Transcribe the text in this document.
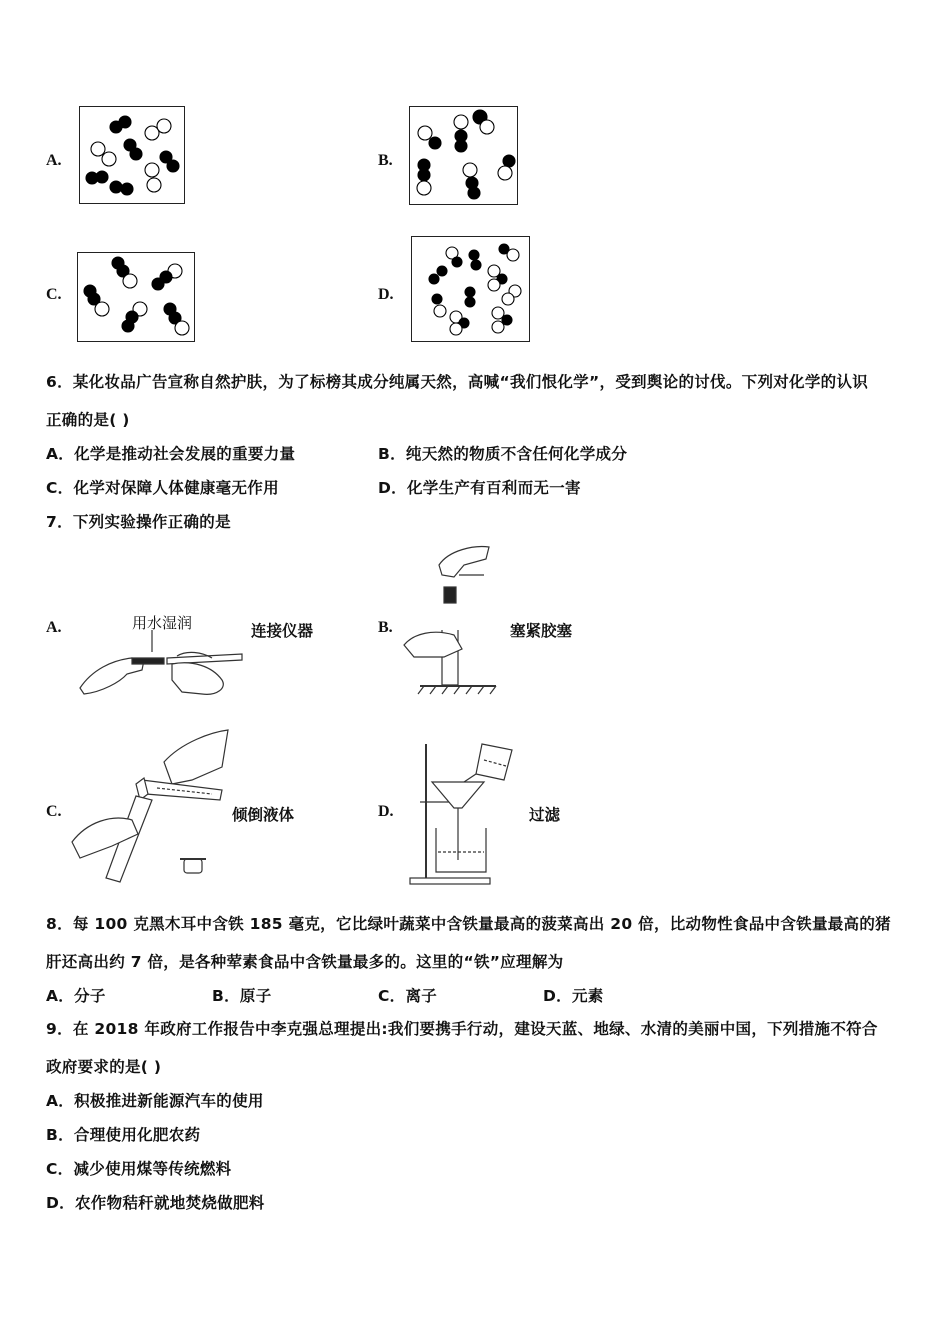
A.	B.
C.	D.
6．某化妆品广告宣称自然护肤，为了标榜其成分纯属天然，高喊“我们恨化学”，受到舆论的讨伐。下列对化学的认识
正确的是( )
A．化学是推动社会发展的重要力量	B．纯天然的物质不含任何化学成分
C．化学对保障人体健康毫无作用	D．化学生产有百利而无一害
7．下列实验操作正确的是
A.	用水湿润	连接仪器	B.	塞紧胶塞
C.	倾倒液体	D.	过滤
8．每 100 克黑木耳中含铁 185 毫克，它比绿叶蔬菜中含铁量最高的菠菜高出 20 倍，比动物性食品中含铁量最高的猪
肝还高出约 7 倍，是各种荤素食品中含铁量最多的。这里的“铁”应理解为
A．分子	B．原子	C．离子	D．元素
9．在 2018 年政府工作报告中李克强总理提出:我们要携手行动，建设天蓝、地绿、水清的美丽中国，下列措施不符合
政府要求的是( )
A．积极推进新能源汽车的使用
B．合理使用化肥农药
C．减少使用煤等传统燃料
D．农作物秸秆就地焚烧做肥料
